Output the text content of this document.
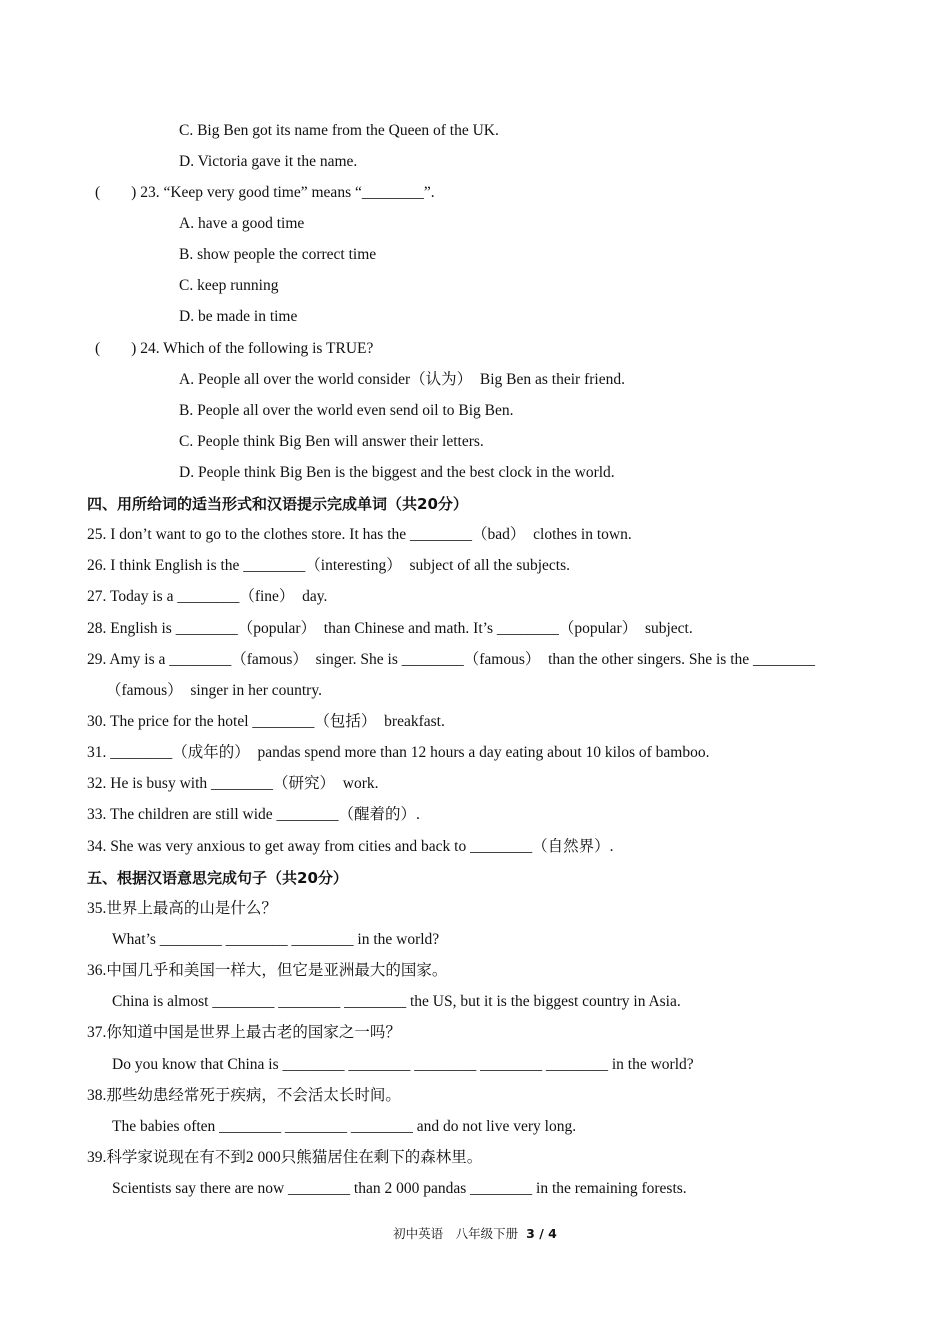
C. Big Ben got its name from the Queen of the UK.
D. Victoria gave it the name.
(　　) 23. “Keep very good time” means “________”.
A. have a good time
B. show people the correct time
C. keep running
D. be made in time
(　　) 24. Which of the following is TRUE?
A. People all over the world consider（认为）　Big Ben as their friend.
B. People all over the world even send oil to Big Ben.
C. People think Big Ben will answer their letters.
D. People think Big Ben is the biggest and the best clock in the world.
四、用所给词的适当形式和汉语提示完成单词（共20分）
25. I don’t want to go to the clothes store. It has the ________（bad）　clothes in town.
26. I think English is the ________（interesting）　subject of all the subjects.
27. Today is a ________（fine）　day.
28. English is ________（popular）　than Chinese and math. It’s ________（popular）　subject.
29. Amy is a ________（famous）　singer. She is ________（famous）　than the other singers. She is the ________
（famous）　singer in her country.
30. The price for the hotel ________（包括）　breakfast.
31. ________（成年的）　pandas spend more than 12 hours a day eating about 10 kilos of bamboo.
32. He is busy with ________（研究）　work.
33. The children are still wide ________（醒着的）.
34. She was very anxious to get away from cities and back to ________（自然界）.
五、根据汉语意思完成句子（共20分）
35.世界上最高的山是什么？
What’s ________ ________ ________ in the world?
36.中国几乎和美国一样大，但它是亚洲最大的国家。
China is almost ________ ________ ________ the US, but it is the biggest country in Asia.
37.你知道中国是世界上最古老的国家之一吗？
Do you know that China is ________ ________ ________ ________ ________ in the world?
38.那些幼患经常死于疾病，不会活太长时间。
The babies often ________ ________ ________ and do not live very long.
39.科学家说现在有不到2 000只熊猫居住在剩下的森林里。
Scientists say there are now ________ than 2 000 pandas ________ in the remaining forests.
初中英语　八年级下册 3 / 4
